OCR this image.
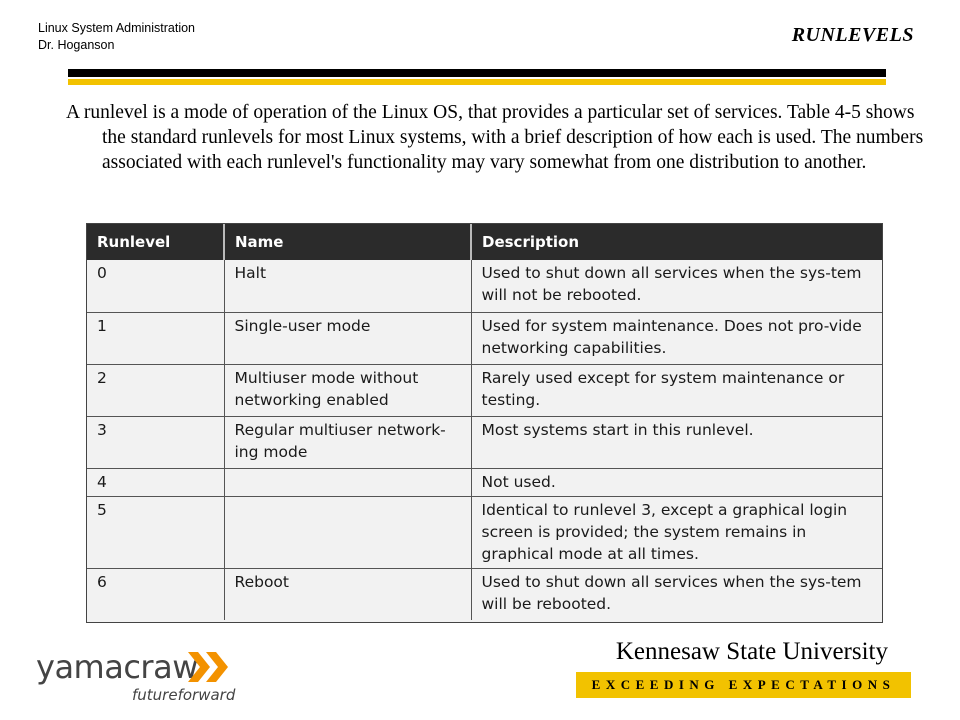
Linux System Administration
Dr. Hoganson	RUNLEVELS
A runlevel is a mode of operation of the Linux OS, that provides a particular set of services. Table 4-5 shows the standard runlevels for most Linux systems, with a brief description of how each is used. The numbers associated with each runlevel's functionality may vary somewhat from one distribution to another.
Runlevel	Name	Description
0	Halt	Used to shut down all services when the sys-tem will not be rebooted.
1	Single-user mode	Used for system maintenance. Does not pro-vide networking capabilities.
2	Multiuser mode without networking enabled	Rarely used except for system maintenance or testing.
3	Regular multiuser network-ing mode	Most systems start in this runlevel.
4		Not used.
5		Identical to runlevel 3, except a graphical login screen is provided; the system remains in graphical mode at all times.
6	Reboot	Used to shut down all services when the sys-tem will be rebooted.
yamacraw
futureforward
Kennesaw State University
EXCEEDING EXPECTATIONS
